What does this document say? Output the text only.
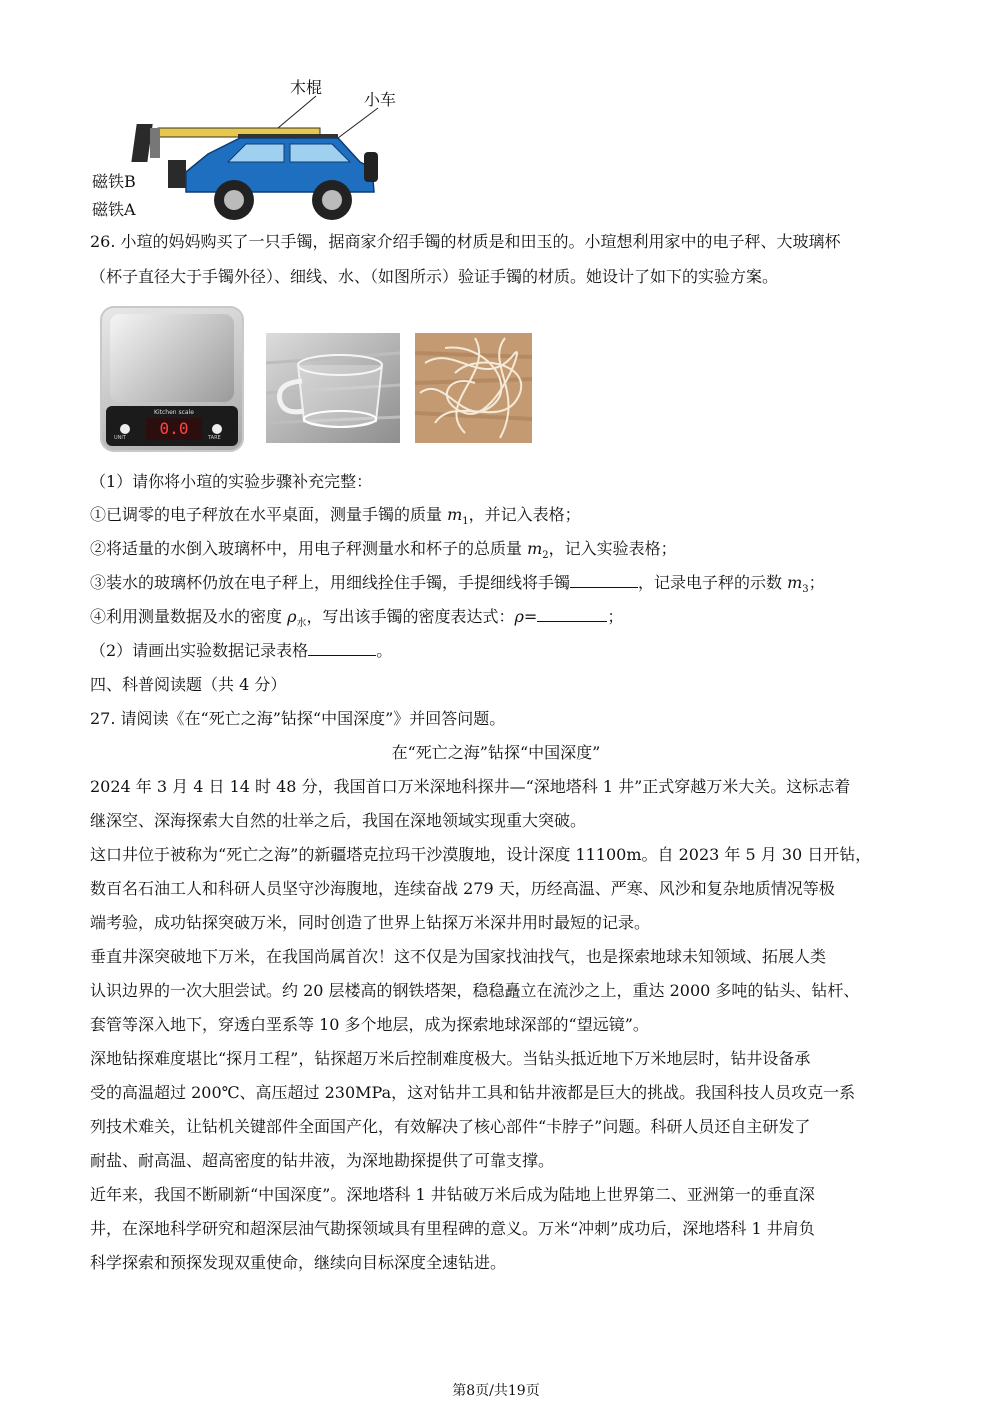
木棍
小车
磁铁B
磁铁A
26. 小瑄的妈妈购买了一只手镯，据商家介绍手镯的材质是和田玉的。小瑄想利用家中的电子秤、大玻璃杯
（杯子直径大于手镯外径）、细线、水、（如图所示）验证手镯的材质。她设计了如下的实验方案。
Kitchen scale
0.0
UNIT	TARE
（1）请你将小瑄的实验步骤补充完整：
①已调零的电子秤放在水平桌面，测量手镯的质量 $m_1$，并记入表格；
②将适量的水倒入玻璃杯中，用电子秤测量水和杯子的总质量 $m_2$，记入实验表格；
③装水的玻璃杯仍放在电子秤上，用细线拴住手镯，手提细线将手镯	，记录电子秤的示数 $m_3$；
④利用测量数据及水的密度 $\rho_水$，写出该手镯的密度表达式：ρ=	；
（2）请画出实验数据记录表格	。
四、科普阅读题（共 4 分）
27. 请阅读《在“死亡之海”钻探“中国深度”》并回答问题。
在“死亡之海”钻探“中国深度”
2024 年 3 月 4 日 14 时 48 分，我国首口万米深地科探井—“深地塔科 1 井”正式穿越万米大关。这标志着
继深空、深海探索大自然的壮举之后，我国在深地领域实现重大突破。
这口井位于被称为“死亡之海”的新疆塔克拉玛干沙漠腹地，设计深度 11100m。自 2023 年 5 月 30 日开钻，
数百名石油工人和科研人员坚守沙海腹地，连续奋战 279 天，历经高温、严寒、风沙和复杂地质情况等极
端考验，成功钻探突破万米，同时创造了世界上钻探万米深井用时最短的记录。
垂直井深突破地下万米，在我国尚属首次！这不仅是为国家找油找气，也是探索地球未知领域、拓展人类
认识边界的一次大胆尝试。约 20 层楼高的钢铁塔架，稳稳矗立在流沙之上，重达 2000 多吨的钻头、钻杆、
套管等深入地下，穿透白垩系等 10 多个地层，成为探索地球深部的“望远镜”。
深地钻探难度堪比“探月工程”，钻探超万米后控制难度极大。当钻头抵近地下万米地层时，钻井设备承
受的高温超过 200℃、高压超过 230MPa，这对钻井工具和钻井液都是巨大的挑战。我国科技人员攻克一系
列技术难关，让钻机关键部件全面国产化，有效解决了核心部件“卡脖子”问题。科研人员还自主研发了
耐盐、耐高温、超高密度的钻井液，为深地勘探提供了可靠支撑。
近年来，我国不断刷新“中国深度”。深地塔科 1 井钻破万米后成为陆地上世界第二、亚洲第一的垂直深
井，在深地科学研究和超深层油气勘探领域具有里程碑的意义。万米“冲刺”成功后，深地塔科 1 井肩负
科学探索和预探发现双重使命，继续向目标深度全速钻进。
第8页/共19页
